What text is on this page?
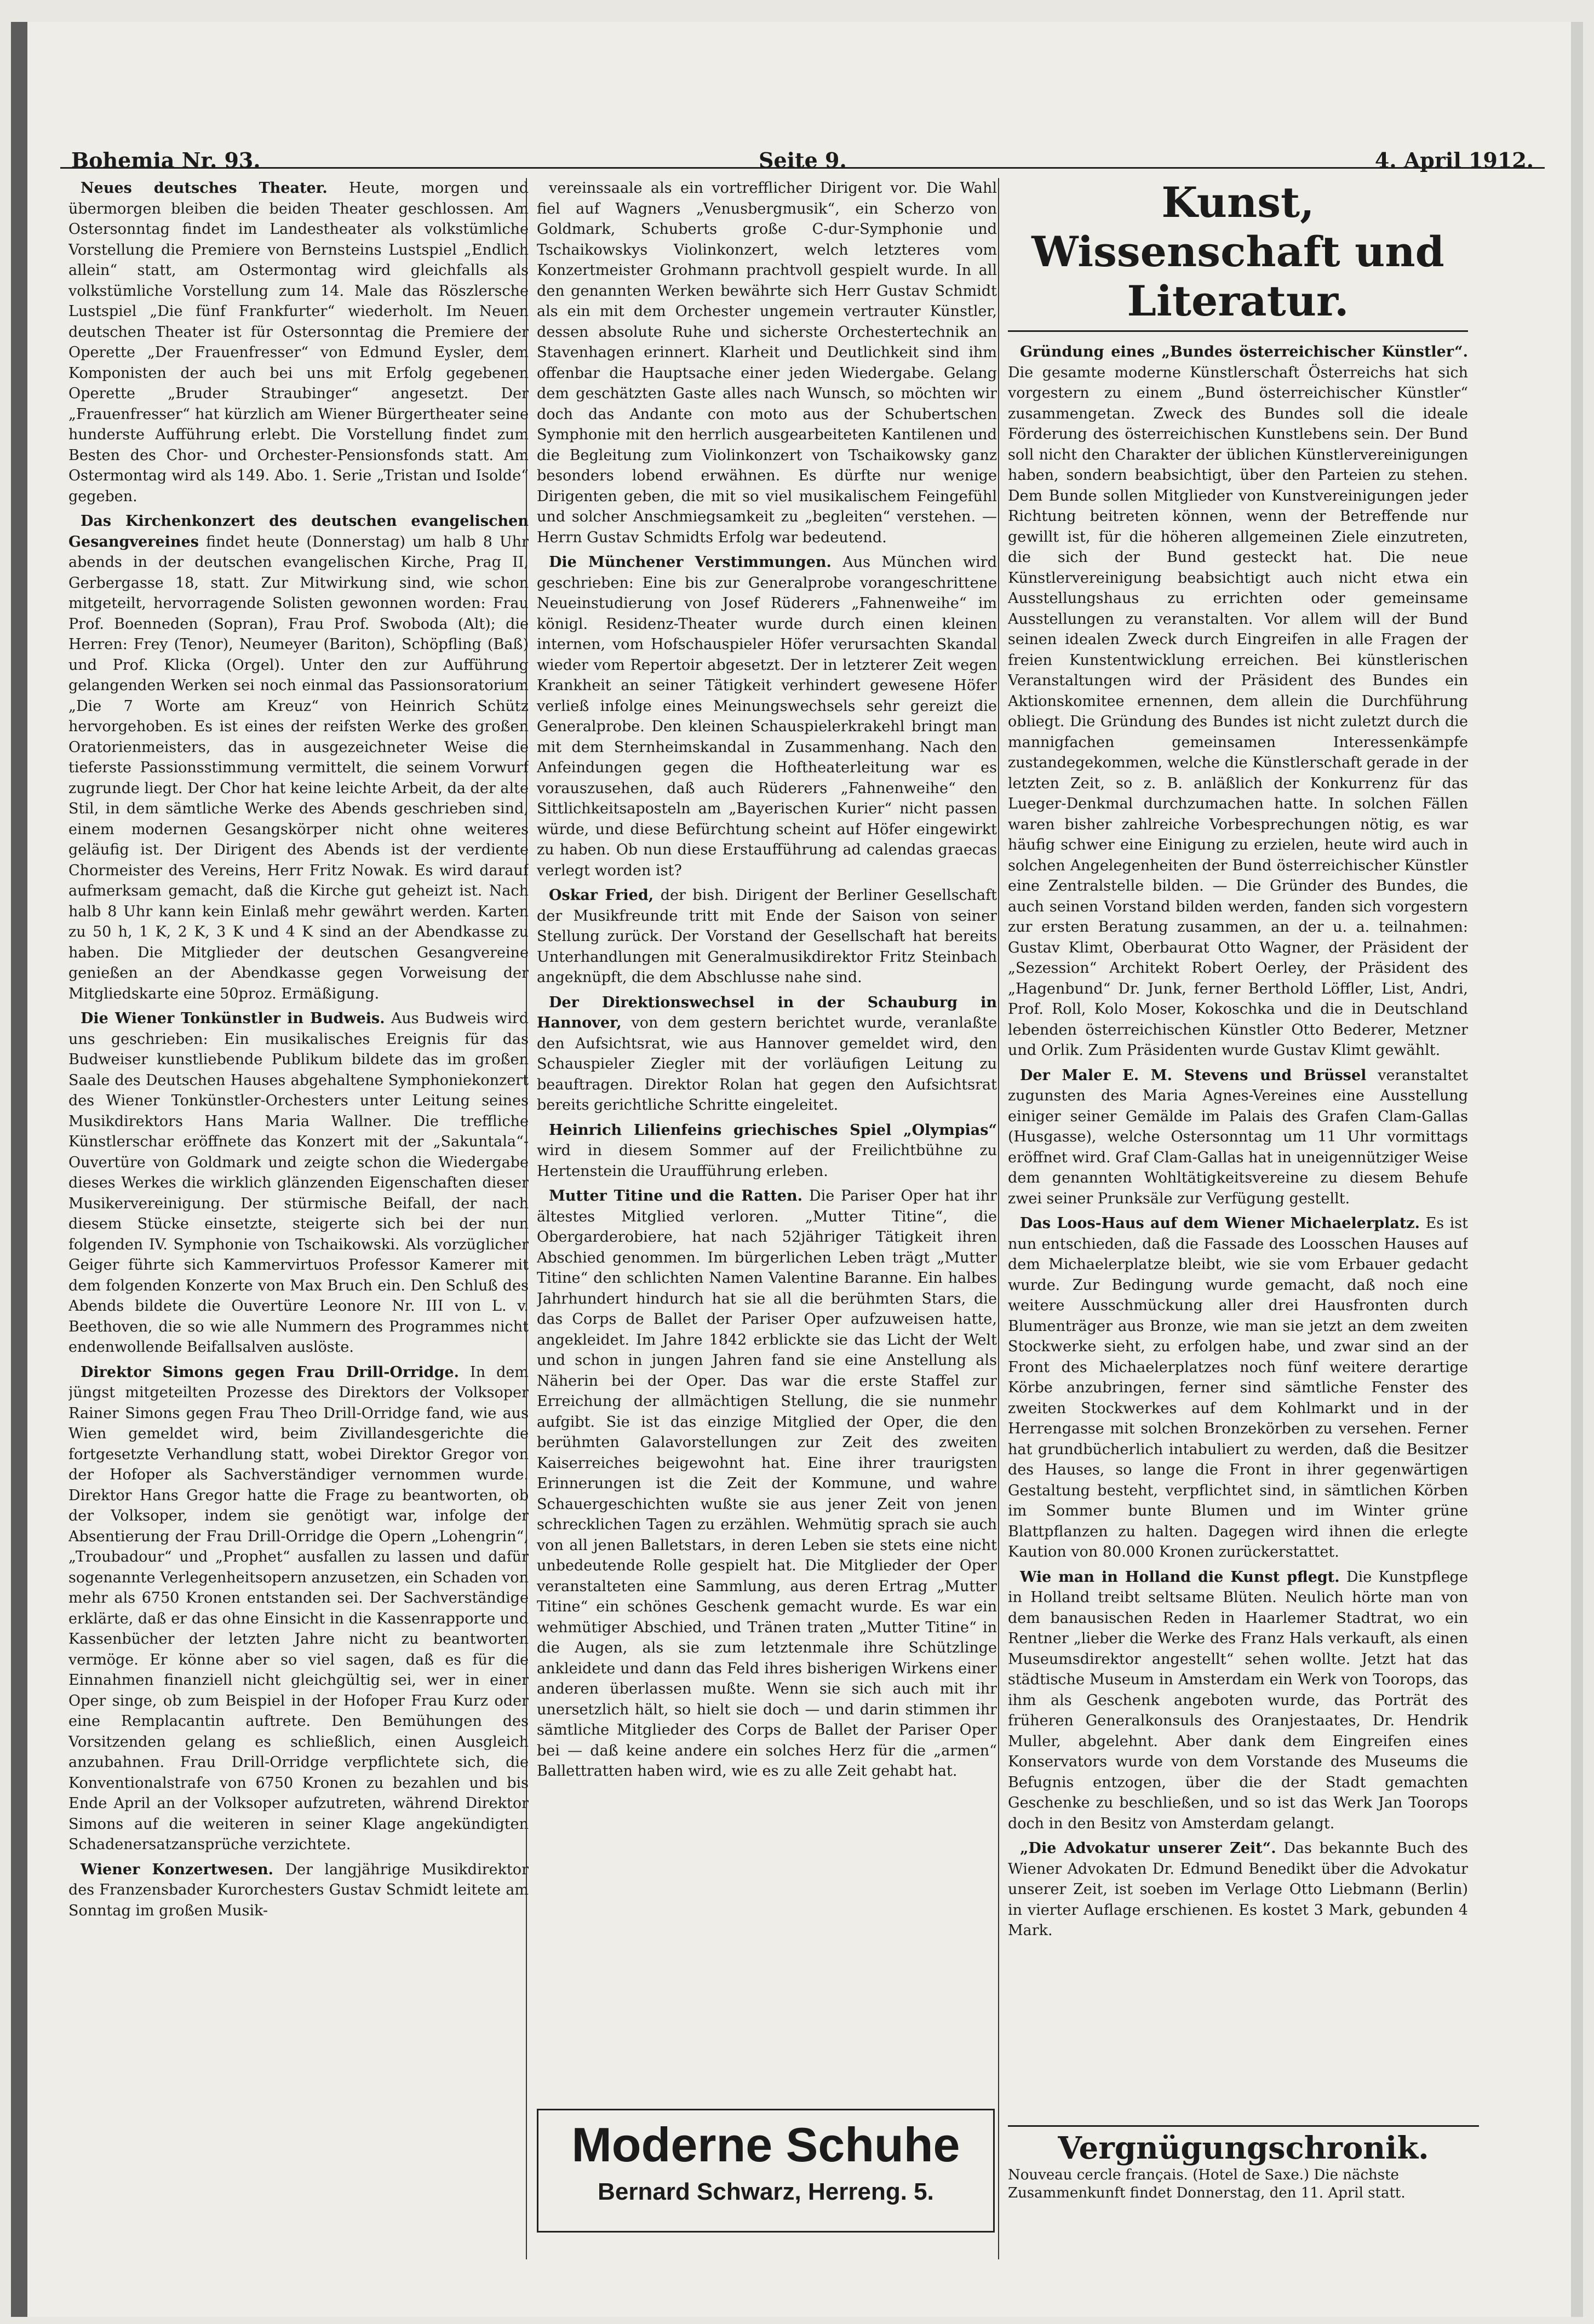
Bohemia Nr. 93.	Seite 9.	4. April 1912.

Neues deutsches Theater. Heute, morgen und übermorgen bleiben die beiden Theater geschlossen. Am Ostersonntag findet im Landestheater als volkstümliche Vorstellung die Premiere von Bernsteins Lustspiel „Endlich allein“ statt, am Ostermontag wird gleichfalls als volkstümliche Vorstellung zum 14. Male das Röszlersche Lustspiel „Die fünf Frankfurter“ wiederholt. Im Neuen deutschen Theater ist für Ostersonntag die Premiere der Operette „Der Frauenfresser“ von Edmund Eysler, dem Komponisten der auch bei uns mit Erfolg gegebenen Operette „Bruder Straubinger“ angesetzt. Der „Frauenfresser“ hat kürzlich am Wiener Bürgertheater seine hunderste Aufführung erlebt. Die Vorstellung findet zum Besten des Chor- und Orchester-Pensionsfonds statt. Am Ostermontag wird als 149. Abo. 1. Serie „Tristan und Isolde“ gegeben.

Das Kirchenkonzert des deutschen evangelischen Gesangvereines findet heute (Donnerstag) um halb 8 Uhr abends in der deutschen evangelischen Kirche, Prag II, Gerbergasse 18, statt. Zur Mitwirkung sind, wie schon mitgeteilt, hervorragende Solisten gewonnen worden: Frau Prof. Boenneden (Sopran), Frau Prof. Swoboda (Alt); die Herren: Frey (Tenor), Neumeyer (Bariton), Schöpfling (Baß) und Prof. Klicka (Orgel). Unter den zur Aufführung gelangenden Werken sei noch einmal das Passionsoratorium „Die 7 Worte am Kreuz“ von Heinrich Schütz hervorgehoben. Es ist eines der reifsten Werke des großen Oratorienmeisters, das in ausgezeichneter Weise die tieferste Passionsstimmung vermittelt, die seinem Vorwurf zugrunde liegt. Der Chor hat keine leichte Arbeit, da der alte Stil, in dem sämtliche Werke des Abends geschrieben sind, einem modernen Gesangskörper nicht ohne weiteres geläufig ist. Der Dirigent des Abends ist der verdiente Chormeister des Vereins, Herr Fritz Nowak. Es wird darauf aufmerksam gemacht, daß die Kirche gut geheizt ist. Nach halb 8 Uhr kann kein Einlaß mehr gewährt werden. Karten zu 50 h, 1 K, 2 K, 3 K und 4 K sind an der Abendkasse zu haben. Die Mitglieder der deutschen Gesangvereine genießen an der Abendkasse gegen Vorweisung der Mitgliedskarte eine 50proz. Ermäßigung.

Die Wiener Tonkünstler in Budweis. Aus Budweis wird uns geschrieben: Ein musikalisches Ereignis für das Budweiser kunstliebende Publikum bildete das im großen Saale des Deutschen Hauses abgehaltene Symphoniekonzert des Wiener Tonkünstler-Orchesters unter Leitung seines Musikdirektors Hans Maria Wallner. Die treffliche Künstlerschar eröffnete das Konzert mit der „Sakuntala“-Ouvertüre von Goldmark und zeigte schon die Wiedergabe dieses Werkes die wirklich glänzenden Eigenschaften dieser Musikervereinigung. Der stürmische Beifall, der nach diesem Stücke einsetzte, steigerte sich bei der nun folgenden IV. Symphonie von Tschaikowski. Als vorzüglicher Geiger führte sich Kammervirtuos Professor Kamerer mit dem folgenden Konzerte von Max Bruch ein. Den Schluß des Abends bildete die Ouvertüre Leonore Nr. III von L. v. Beethoven, die so wie alle Nummern des Programmes nicht endenwollende Beifallsalven auslöste.

Direktor Simons gegen Frau Drill-Orridge. In dem jüngst mitgeteilten Prozesse des Direktors der Volksoper Rainer Simons gegen Frau Theo Drill-Orridge fand, wie aus Wien gemeldet wird, beim Zivillandesgerichte die fortgesetzte Verhandlung statt, wobei Direktor Gregor von der Hofoper als Sachverständiger vernommen wurde. Direktor Hans Gregor hatte die Frage zu beantworten, ob der Volksoper, indem sie genötigt war, infolge der Absentierung der Frau Drill-Orridge die Opern „Lohengrin“, „Troubadour“ und „Prophet“ ausfallen zu lassen und dafür sogenannte Verlegenheitsopern anzusetzen, ein Schaden von mehr als 6750 Kronen entstanden sei. Der Sachverständige erklärte, daß er das ohne Einsicht in die Kassenrapporte und Kassenbücher der letzten Jahre nicht zu beantworten vermöge. Er könne aber so viel sagen, daß es für die Einnahmen finanziell nicht gleichgültig sei, wer in einer Oper singe, ob zum Beispiel in der Hofoper Frau Kurz oder eine Remplacantin auftrete. Den Bemühungen des Vorsitzenden gelang es schließlich, einen Ausgleich anzubahnen. Frau Drill-Orridge verpflichtete sich, die Konventionalstrafe von 6750 Kronen zu bezahlen und bis Ende April an der Volksoper aufzutreten, während Direktor Simons auf die weiteren in seiner Klage angekündigten Schadenersatzansprüche verzichtete.

Wiener Konzertwesen. Der langjährige Musikdirektor des Franzensbader Kurorchesters Gustav Schmidt leitete am Sonntag im großen Musik-

vereinssaale als ein vortrefflicher Dirigent vor. Die Wahl fiel auf Wagners „Venusbergmusik“, ein Scherzo von Goldmark, Schuberts große C-dur-Symphonie und Tschaikowskys Violinkonzert, welch letzteres vom Konzertmeister Grohmann prachtvoll gespielt wurde. In all den genannten Werken bewährte sich Herr Gustav Schmidt als ein mit dem Orchester ungemein vertrauter Künstler, dessen absolute Ruhe und sicherste Orchestertechnik an Stavenhagen erinnert. Klarheit und Deutlichkeit sind ihm offenbar die Hauptsache einer jeden Wiedergabe. Gelang dem geschätzten Gaste alles nach Wunsch, so möchten wir doch das Andante con moto aus der Schubertschen Symphonie mit den herrlich ausgearbeiteten Kantilenen und die Begleitung zum Violinkonzert von Tschaikowsky ganz besonders lobend erwähnen. Es dürfte nur wenige Dirigenten geben, die mit so viel musikalischem Feingefühl und solcher Anschmiegsamkeit zu „begleiten“ verstehen. — Herrn Gustav Schmidts Erfolg war bedeutend.

Die Münchener Verstimmungen. Aus München wird geschrieben: Eine bis zur Generalprobe vorangeschrittene Neueinstudierung von Josef Rüderers „Fahnenweihe“ im königl. Residenz-Theater wurde durch einen kleinen internen, vom Hofschauspieler Höfer verursachten Skandal wieder vom Repertoir abgesetzt. Der in letzterer Zeit wegen Krankheit an seiner Tätigkeit verhindert gewesene Höfer verließ infolge eines Meinungswechsels sehr gereizt die Generalprobe. Den kleinen Schauspielerkrakehl bringt man mit dem Sternheimskandal in Zusammenhang. Nach den Anfeindungen gegen die Hoftheaterleitung war es vorauszusehen, daß auch Rüderers „Fahnenweihe“ den Sittlichkeitsaposteln am „Bayerischen Kurier“ nicht passen würde, und diese Befürchtung scheint auf Höfer eingewirkt zu haben. Ob nun diese Erstaufführung ad calendas graecas verlegt worden ist?

Oskar Fried, der bish. Dirigent der Berliner Gesellschaft der Musikfreunde tritt mit Ende der Saison von seiner Stellung zurück. Der Vorstand der Gesellschaft hat bereits Unterhandlungen mit Generalmusikdirektor Fritz Steinbach angeknüpft, die dem Abschlusse nahe sind.

Der Direktionswechsel in der Schauburg in Hannover, von dem gestern berichtet wurde, veranlaßte den Aufsichtsrat, wie aus Hannover gemeldet wird, den Schauspieler Ziegler mit der vorläufigen Leitung zu beauftragen. Direktor Rolan hat gegen den Aufsichtsrat bereits gerichtliche Schritte eingeleitet.

Heinrich Lilienfeins griechisches Spiel „Olympias“ wird in diesem Sommer auf der Freilichtbühne zu Hertenstein die Uraufführung erleben.

Mutter Titine und die Ratten. Die Pariser Oper hat ihr ältestes Mitglied verloren. „Mutter Titine“, die Obergarderobiere, hat nach 52jähriger Tätigkeit ihren Abschied genommen. Im bürgerlichen Leben trägt „Mutter Titine“ den schlichten Namen Valentine Baranne. Ein halbes Jahrhundert hindurch hat sie all die berühmten Stars, die das Corps de Ballet der Pariser Oper aufzuweisen hatte, angekleidet. Im Jahre 1842 erblickte sie das Licht der Welt und schon in jungen Jahren fand sie eine Anstellung als Näherin bei der Oper. Das war die erste Staffel zur Erreichung der allmächtigen Stellung, die sie nunmehr aufgibt. Sie ist das einzige Mitglied der Oper, die den berühmten Galavorstellungen zur Zeit des zweiten Kaiserreiches beigewohnt hat. Eine ihrer traurigsten Erinnerungen ist die Zeit der Kommune, und wahre Schauergeschichten wußte sie aus jener Zeit von jenen schrecklichen Tagen zu erzählen. Wehmütig sprach sie auch von all jenen Balletstars, in deren Leben sie stets eine nicht unbedeutende Rolle gespielt hat. Die Mitglieder der Oper veranstalteten eine Sammlung, aus deren Ertrag „Mutter Titine“ ein schönes Geschenk gemacht wurde. Es war ein wehmütiger Abschied, und Tränen traten „Mutter Titine“ in die Augen, als sie zum letztenmale ihre Schützlinge ankleidete und dann das Feld ihres bisherigen Wirkens einer anderen überlassen mußte. Wenn sie sich auch mit ihr unersetzlich hält, so hielt sie doch — und darin stimmen ihr sämtliche Mitglieder des Corps de Ballet der Pariser Oper bei — daß keine andere ein solches Herz für die „armen“ Ballettratten haben wird, wie es zu alle Zeit gehabt hat.

Kunst, Wissenschaft und Literatur.

Gründung eines „Bundes österreichischer Künstler“. Die gesamte moderne Künstlerschaft Österreichs hat sich vorgestern zu einem „Bund österreichischer Künstler“ zusammengetan. Zweck des Bundes soll die ideale Förderung des österreichischen Kunstlebens sein. Der Bund soll nicht den Charakter der üblichen Künstlervereinigungen haben, sondern beabsichtigt, über den Parteien zu stehen. Dem Bunde sollen Mitglieder von Kunstvereinigungen jeder Richtung beitreten können, wenn der Betreffende nur gewillt ist, für die höheren allgemeinen Ziele einzutreten, die sich der Bund gesteckt hat. Die neue Künstlervereinigung beabsichtigt auch nicht etwa ein Ausstellungshaus zu errichten oder gemeinsame Ausstellungen zu veranstalten. Vor allem will der Bund seinen idealen Zweck durch Eingreifen in alle Fragen der freien Kunstentwicklung erreichen. Bei künstlerischen Veranstaltungen wird der Präsident des Bundes ein Aktionskomitee ernennen, dem allein die Durchführung obliegt. Die Gründung des Bundes ist nicht zuletzt durch die mannigfachen gemeinsamen Interessenkämpfe zustandegekommen, welche die Künstlerschaft gerade in der letzten Zeit, so z. B. anläßlich der Konkurrenz für das Lueger-Denkmal durchzumachen hatte. In solchen Fällen waren bisher zahlreiche Vorbesprechungen nötig, es war häufig schwer eine Einigung zu erzielen, heute wird auch in solchen Angelegenheiten der Bund österreichischer Künstler eine Zentralstelle bilden. — Die Gründer des Bundes, die auch seinen Vorstand bilden werden, fanden sich vorgestern zur ersten Beratung zusammen, an der u. a. teilnahmen: Gustav Klimt, Oberbaurat Otto Wagner, der Präsident der „Sezession“ Architekt Robert Oerley, der Präsident des „Hagenbund“ Dr. Junk, ferner Berthold Löffler, List, Andri, Prof. Roll, Kolo Moser, Kokoschka und die in Deutschland lebenden österreichischen Künstler Otto Bederer, Metzner und Orlik. Zum Präsidenten wurde Gustav Klimt gewählt.

Der Maler E. M. Stevens und Brüssel veranstaltet zugunsten des Maria Agnes-Vereines eine Ausstellung einiger seiner Gemälde im Palais des Grafen Clam-Gallas (Husgasse), welche Ostersonntag um 11 Uhr vormittags eröffnet wird. Graf Clam-Gallas hat in uneigennütziger Weise dem genannten Wohltätigkeitsvereine zu diesem Behufe zwei seiner Prunksäle zur Verfügung gestellt.

Das Loos-Haus auf dem Wiener Michaelerplatz. Es ist nun entschieden, daß die Fassade des Loosschen Hauses auf dem Michaelerplatze bleibt, wie sie vom Erbauer gedacht wurde. Zur Bedingung wurde gemacht, daß noch eine weitere Ausschmückung aller drei Hausfronten durch Blumenträger aus Bronze, wie man sie jetzt an dem zweiten Stockwerke sieht, zu erfolgen habe, und zwar sind an der Front des Michaelerplatzes noch fünf weitere derartige Körbe anzubringen, ferner sind sämtliche Fenster des zweiten Stockwerkes auf dem Kohlmarkt und in der Herrengasse mit solchen Bronzekörben zu versehen. Ferner hat grundbücherlich intabuliert zu werden, daß die Besitzer des Hauses, so lange die Front in ihrer gegenwärtigen Gestaltung besteht, verpflichtet sind, in sämtlichen Körben im Sommer bunte Blumen und im Winter grüne Blattpflanzen zu halten. Dagegen wird ihnen die erlegte Kaution von 80.000 Kronen zurückerstattet.

Wie man in Holland die Kunst pflegt. Die Kunstpflege in Holland treibt seltsame Blüten. Neulich hörte man von dem banausischen Reden in Haarlemer Stadtrat, wo ein Rentner „lieber die Werke des Franz Hals verkauft, als einen Museumsdirektor angestellt“ sehen wollte. Jetzt hat das städtische Museum in Amsterdam ein Werk von Toorops, das ihm als Geschenk angeboten wurde, das Porträt des früheren Generalkonsuls des Oranjestaates, Dr. Hendrik Muller, abgelehnt. Aber dank dem Eingreifen eines Konservators wurde von dem Vorstande des Museums die Befugnis entzogen, über die der Stadt gemachten Geschenke zu beschließen, und so ist das Werk Jan Toorops doch in den Besitz von Amsterdam gelangt.

„Die Advokatur unserer Zeit“. Das bekannte Buch des Wiener Advokaten Dr. Edmund Benedikt über die Advokatur unserer Zeit, ist soeben im Verlage Otto Liebmann (Berlin) in vierter Auflage erschienen. Es kostet 3 Mark, gebunden 4 Mark.

Moderne Schuhe
Bernard Schwarz, Herreng. 5.
Vergnügungschronik.
Nouveau cercle français. (Hotel de Saxe.) Die nächste Zusammenkunft findet Donnerstag, den 11. April statt.
